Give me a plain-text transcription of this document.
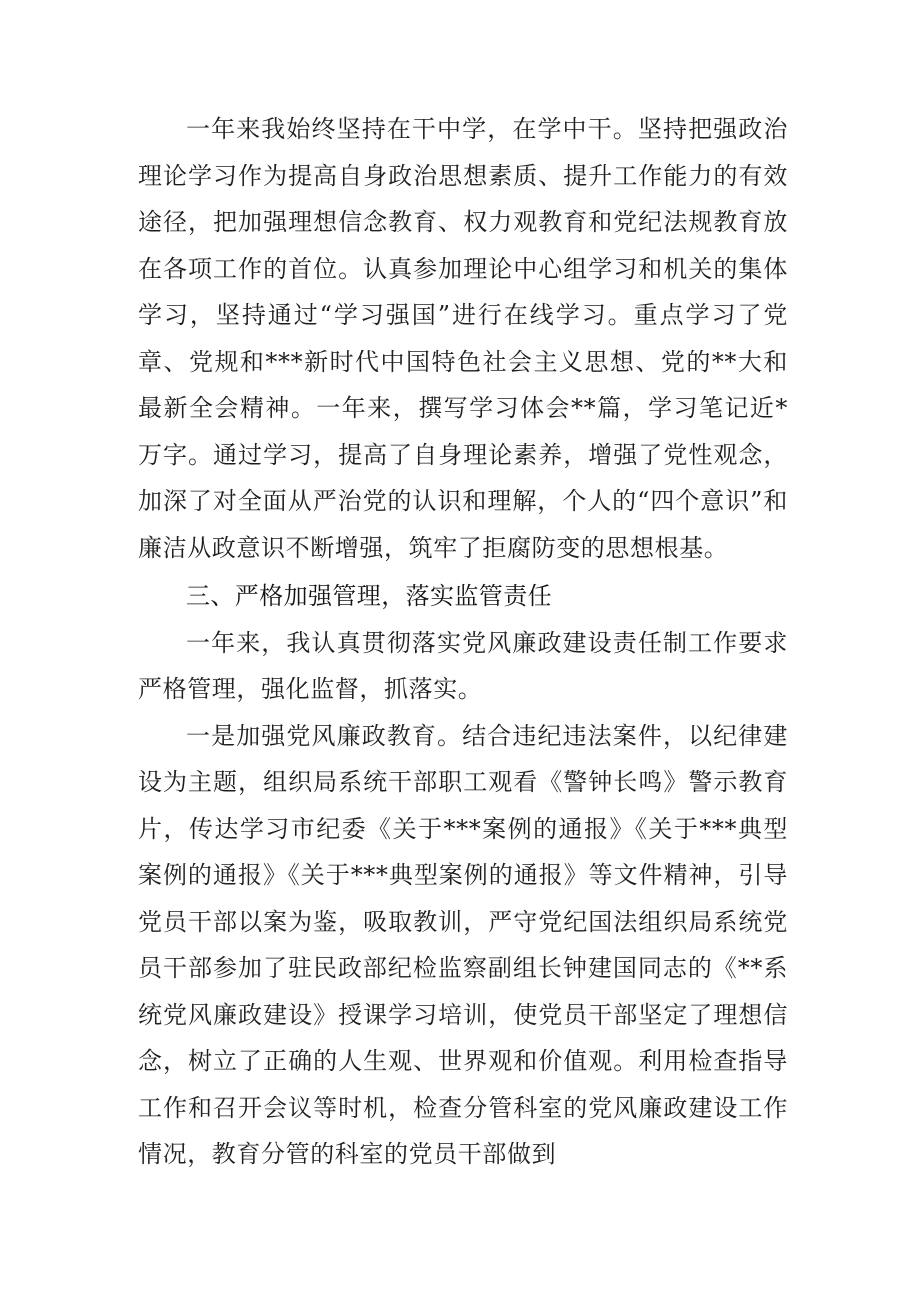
一年来我始终坚持在干中学，在学中干。坚持把强政治理论学习作为提高自身政治思想素质、提升工作能力的有效途径，把加强理想信念教育、权力观教育和党纪法规教育放在各项工作的首位。认真参加理论中心组学习和机关的集体学习，坚持通过“学习强国”进行在线学习。重点学习了党章、党规和***新时代中国特色社会主义思想、党的**大和最新全会精神。一年来，撰写学习体会**篇，学习笔记近*万字。通过学习，提高了自身理论素养，增强了党性观念，加深了对全面从严治党的认识和理解，个人的“四个意识”和廉洁从政意识不断增强，筑牢了拒腐防变的思想根基。

三、严格加强管理，落实监管责任

一年来，我认真贯彻落实党风廉政建设责任制工作要求严格管理，强化监督，抓落实。

一是加强党风廉政教育。结合违纪违法案件，以纪律建设为主题，组织局系统干部职工观看《警钟长鸣》警示教育片，传达学习市纪委《关于***案例的通报》《关于***典型案例的通报》《关于***典型案例的通报》等文件精神，引导党员干部以案为鉴，吸取教训，严守党纪国法组织局系统党员干部参加了驻民政部纪检监察副组长钟建国同志的《**系统党风廉政建设》授课学习培训，使党员干部坚定了理想信念，树立了正确的人生观、世界观和价值观。利用检查指导工作和召开会议等时机，检查分管科室的党风廉政建设工作情况，教育分管的科室的党员干部做到
